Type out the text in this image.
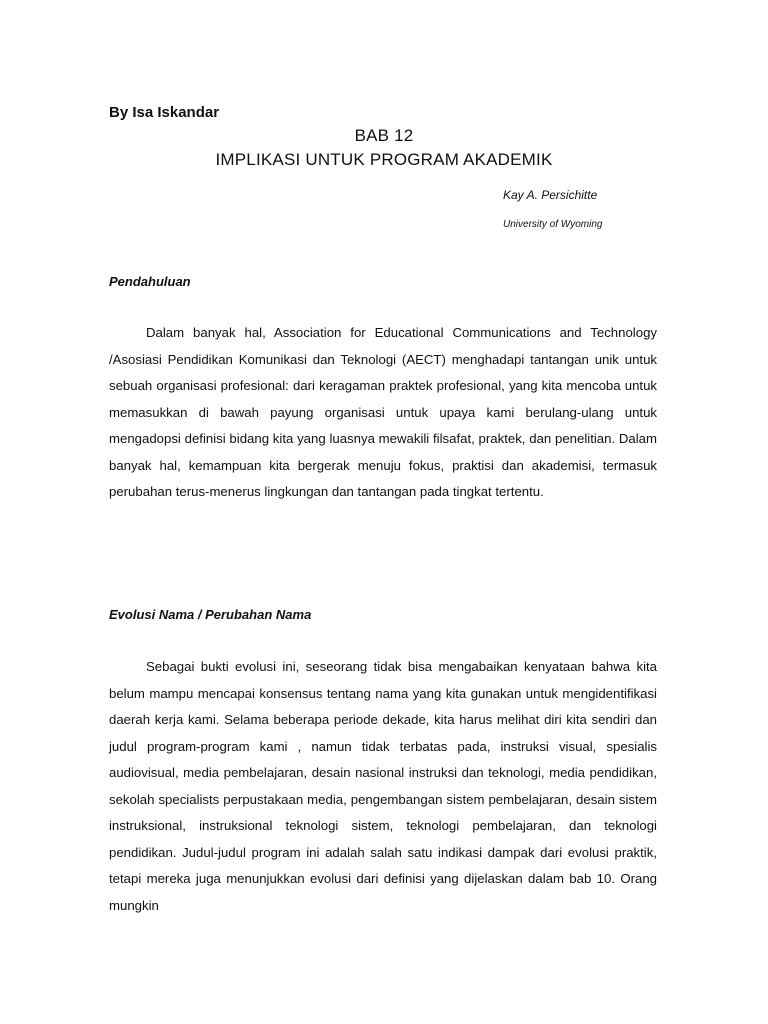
By Isa Iskandar
BAB 12
IMPLIKASI UNTUK PROGRAM AKADEMIK
Kay A. Persichitte
University of Wyoming
Pendahuluan

Dalam banyak hal, Association for Educational Communications and Technology /Asosiasi Pendidikan Komunikasi dan Teknologi (AECT) menghadapi tantangan unik untuk sebuah organisasi profesional: dari keragaman praktek profesional, yang kita mencoba untuk memasukkan di bawah payung organisasi untuk upaya kami berulang-ulang untuk mengadopsi definisi bidang kita yang luasnya mewakili filsafat, praktek, dan penelitian. Dalam banyak hal, kemampuan kita bergerak menuju fokus, praktisi dan akademisi, termasuk perubahan terus-menerus lingkungan dan tantangan pada tingkat tertentu.

Evolusi Nama / Perubahan Nama

Sebagai bukti evolusi ini, seseorang tidak bisa mengabaikan kenyataan bahwa kita belum mampu mencapai konsensus tentang nama yang kita gunakan untuk mengidentifikasi daerah kerja kami. Selama beberapa periode dekade, kita harus melihat diri kita sendiri dan judul program-program kami , namun tidak terbatas pada, instruksi visual, spesialis audiovisual, media pembelajaran, desain nasional instruksi dan teknologi, media pendidikan, sekolah specialists perpustakaan media, pengembangan sistem pembelajaran, desain sistem instruksional, instruksional teknologi sistem, teknologi pembelajaran, dan teknologi pendidikan. Judul-judul program ini adalah salah satu indikasi dampak dari evolusi praktik, tetapi mereka juga menunjukkan evolusi dari definisi yang dijelaskan dalam bab 10. Orang mungkin
